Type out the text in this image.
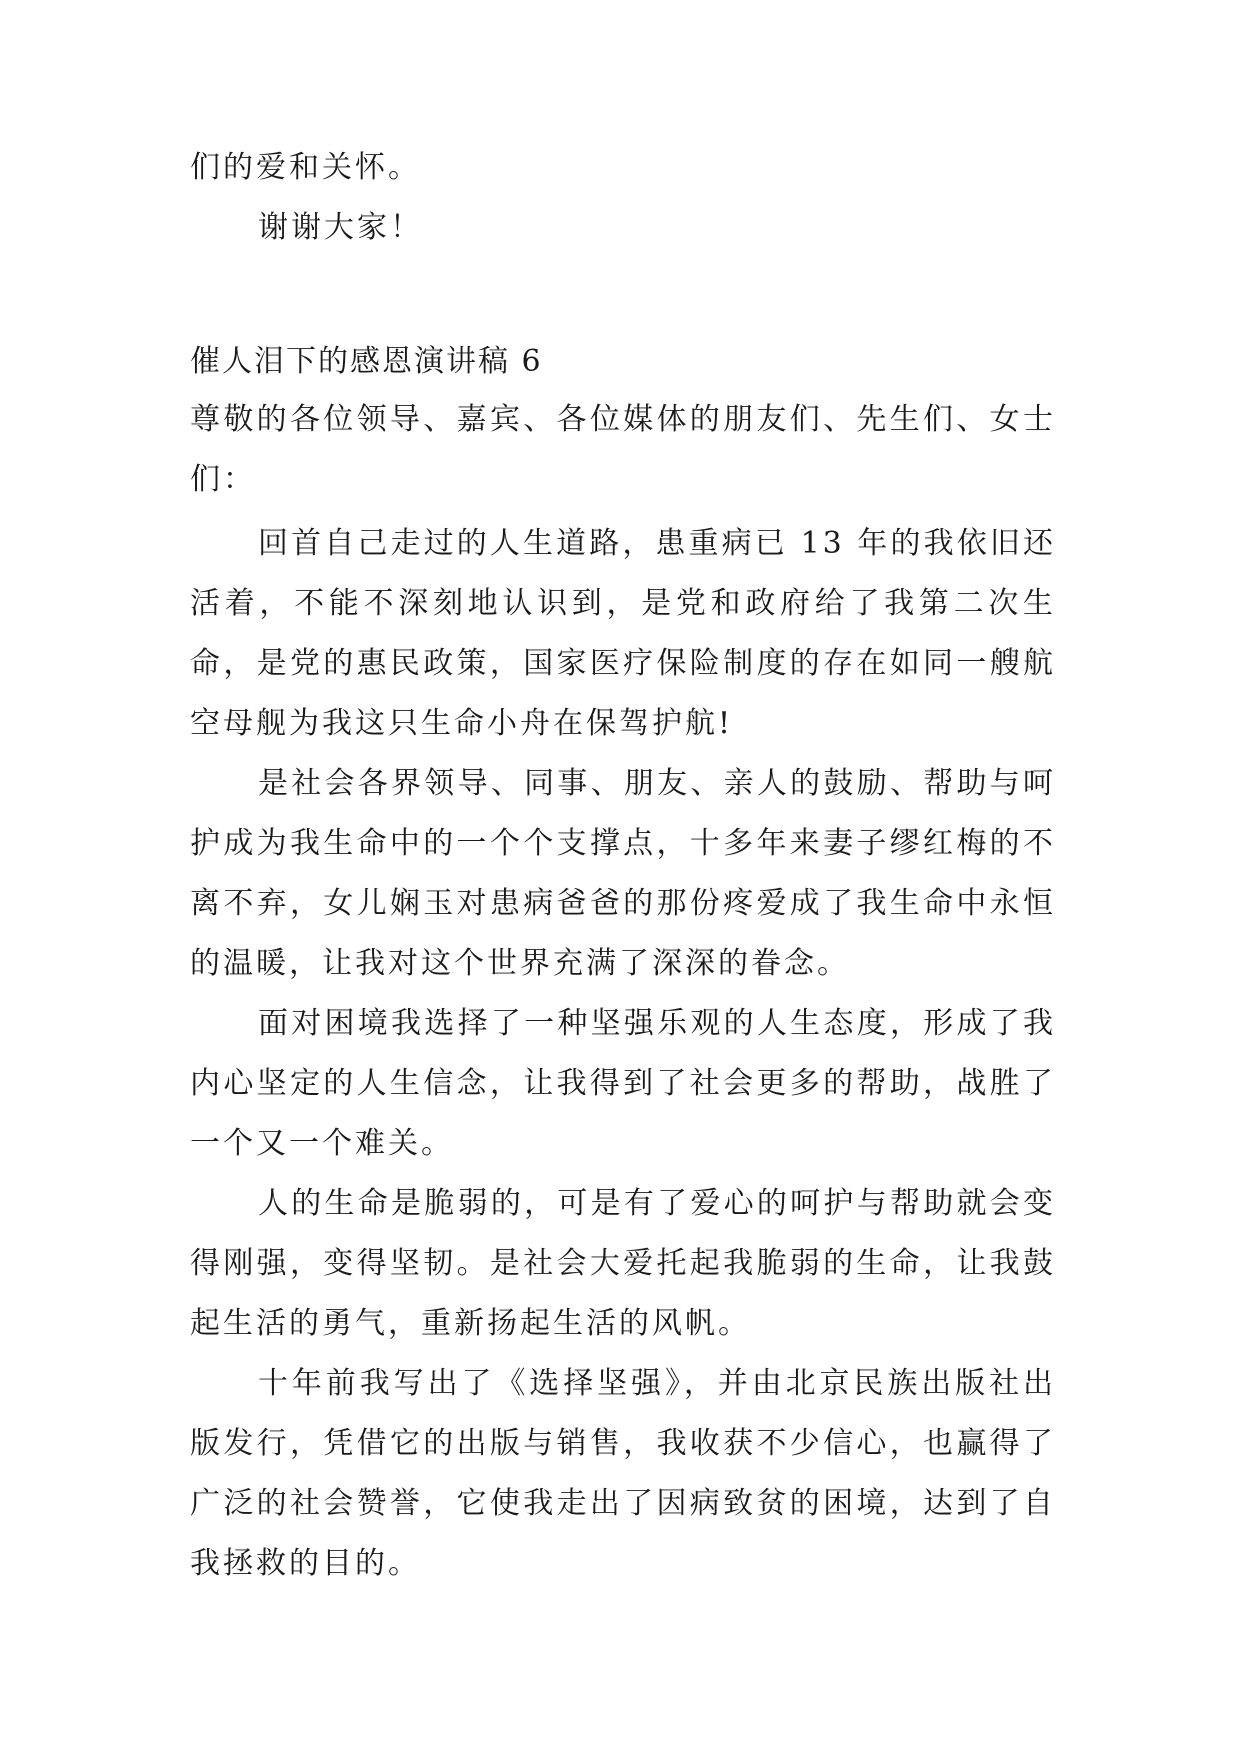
们的爱和关怀。

谢谢大家！

催人泪下的感恩演讲稿 6

尊敬的各位领导、嘉宾、各位媒体的朋友们、先生们、女士们：

回首自己走过的人生道路，患重病已 13 年的我依旧还活着，不能不深刻地认识到，是党和政府给了我第二次生命，是党的惠民政策，国家医疗保险制度的存在如同一艘航空母舰为我这只生命小舟在保驾护航!

是社会各界领导、同事、朋友、亲人的鼓励、帮助与呵护成为我生命中的一个个支撑点，十多年来妻子缪红梅的不离不弃，女儿娴玉对患病爸爸的那份疼爱成了我生命中永恒的温暖，让我对这个世界充满了深深的眷念。

面对困境我选择了一种坚强乐观的人生态度，形成了我内心坚定的人生信念，让我得到了社会更多的帮助，战胜了一个又一个难关。

人的生命是脆弱的，可是有了爱心的呵护与帮助就会变得刚强，变得坚韧。是社会大爱托起我脆弱的生命，让我鼓起生活的勇气，重新扬起生活的风帆。

十年前我写出了《选择坚强》，并由北京民族出版社出版发行，凭借它的出版与销售，我收获不少信心，也赢得了广泛的社会赞誉，它使我走出了因病致贫的困境，达到了自我拯救的目的。
